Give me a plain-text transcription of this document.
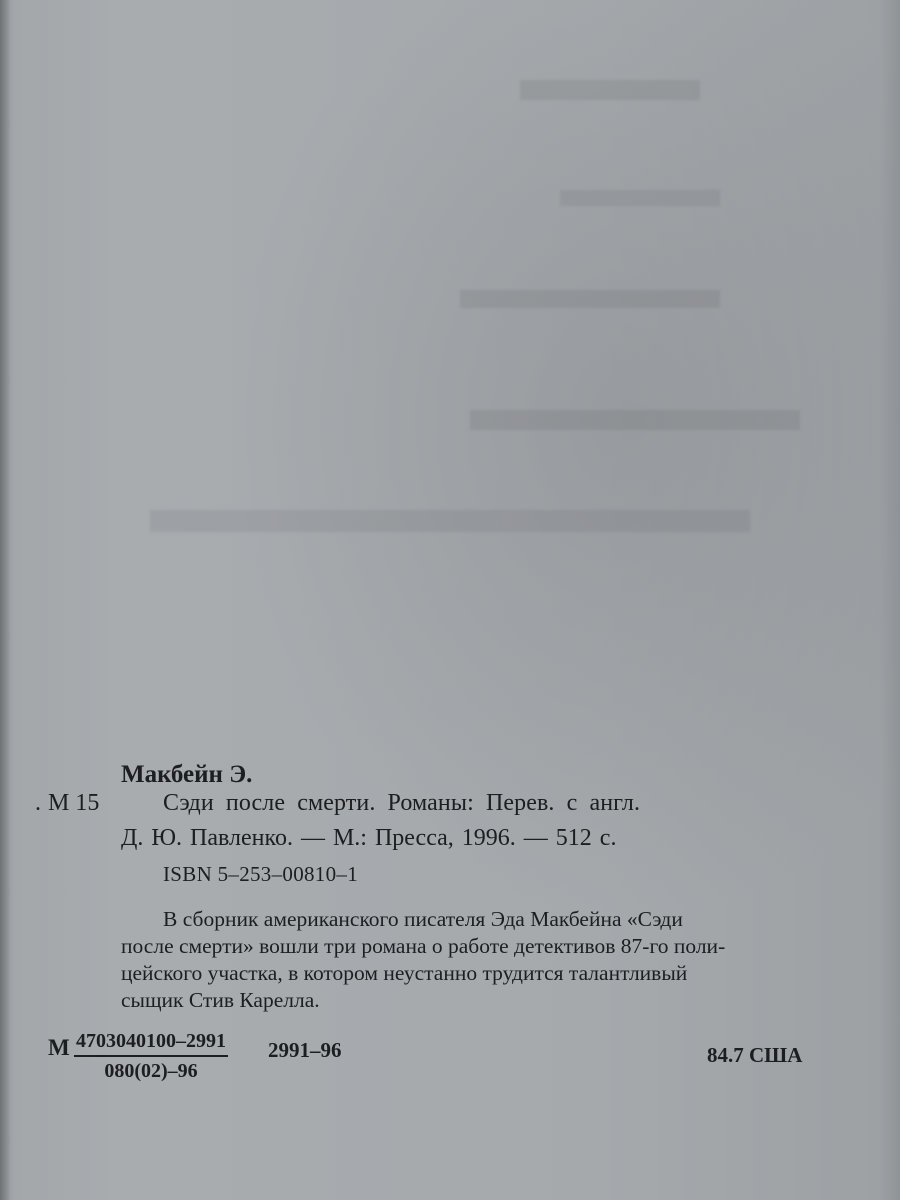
Макбейн Э.
. М 15	Сэди после смерти. Романы: Перев. с англ.
Д. Ю. Павленко. — М.: Пресса, 1996. — 512 с.
ISBN 5–253–00810–1
В сборник американского писателя Эда Макбейна «Сэди
после смерти» вошли три романа о работе детективов 87-го поли-
цейского участка, в котором неустанно трудится талантливый
сыщик Стив Карелла.
М $\frac{4703040100-2991}{080(02)-96} 2991-96$	84.7 США
